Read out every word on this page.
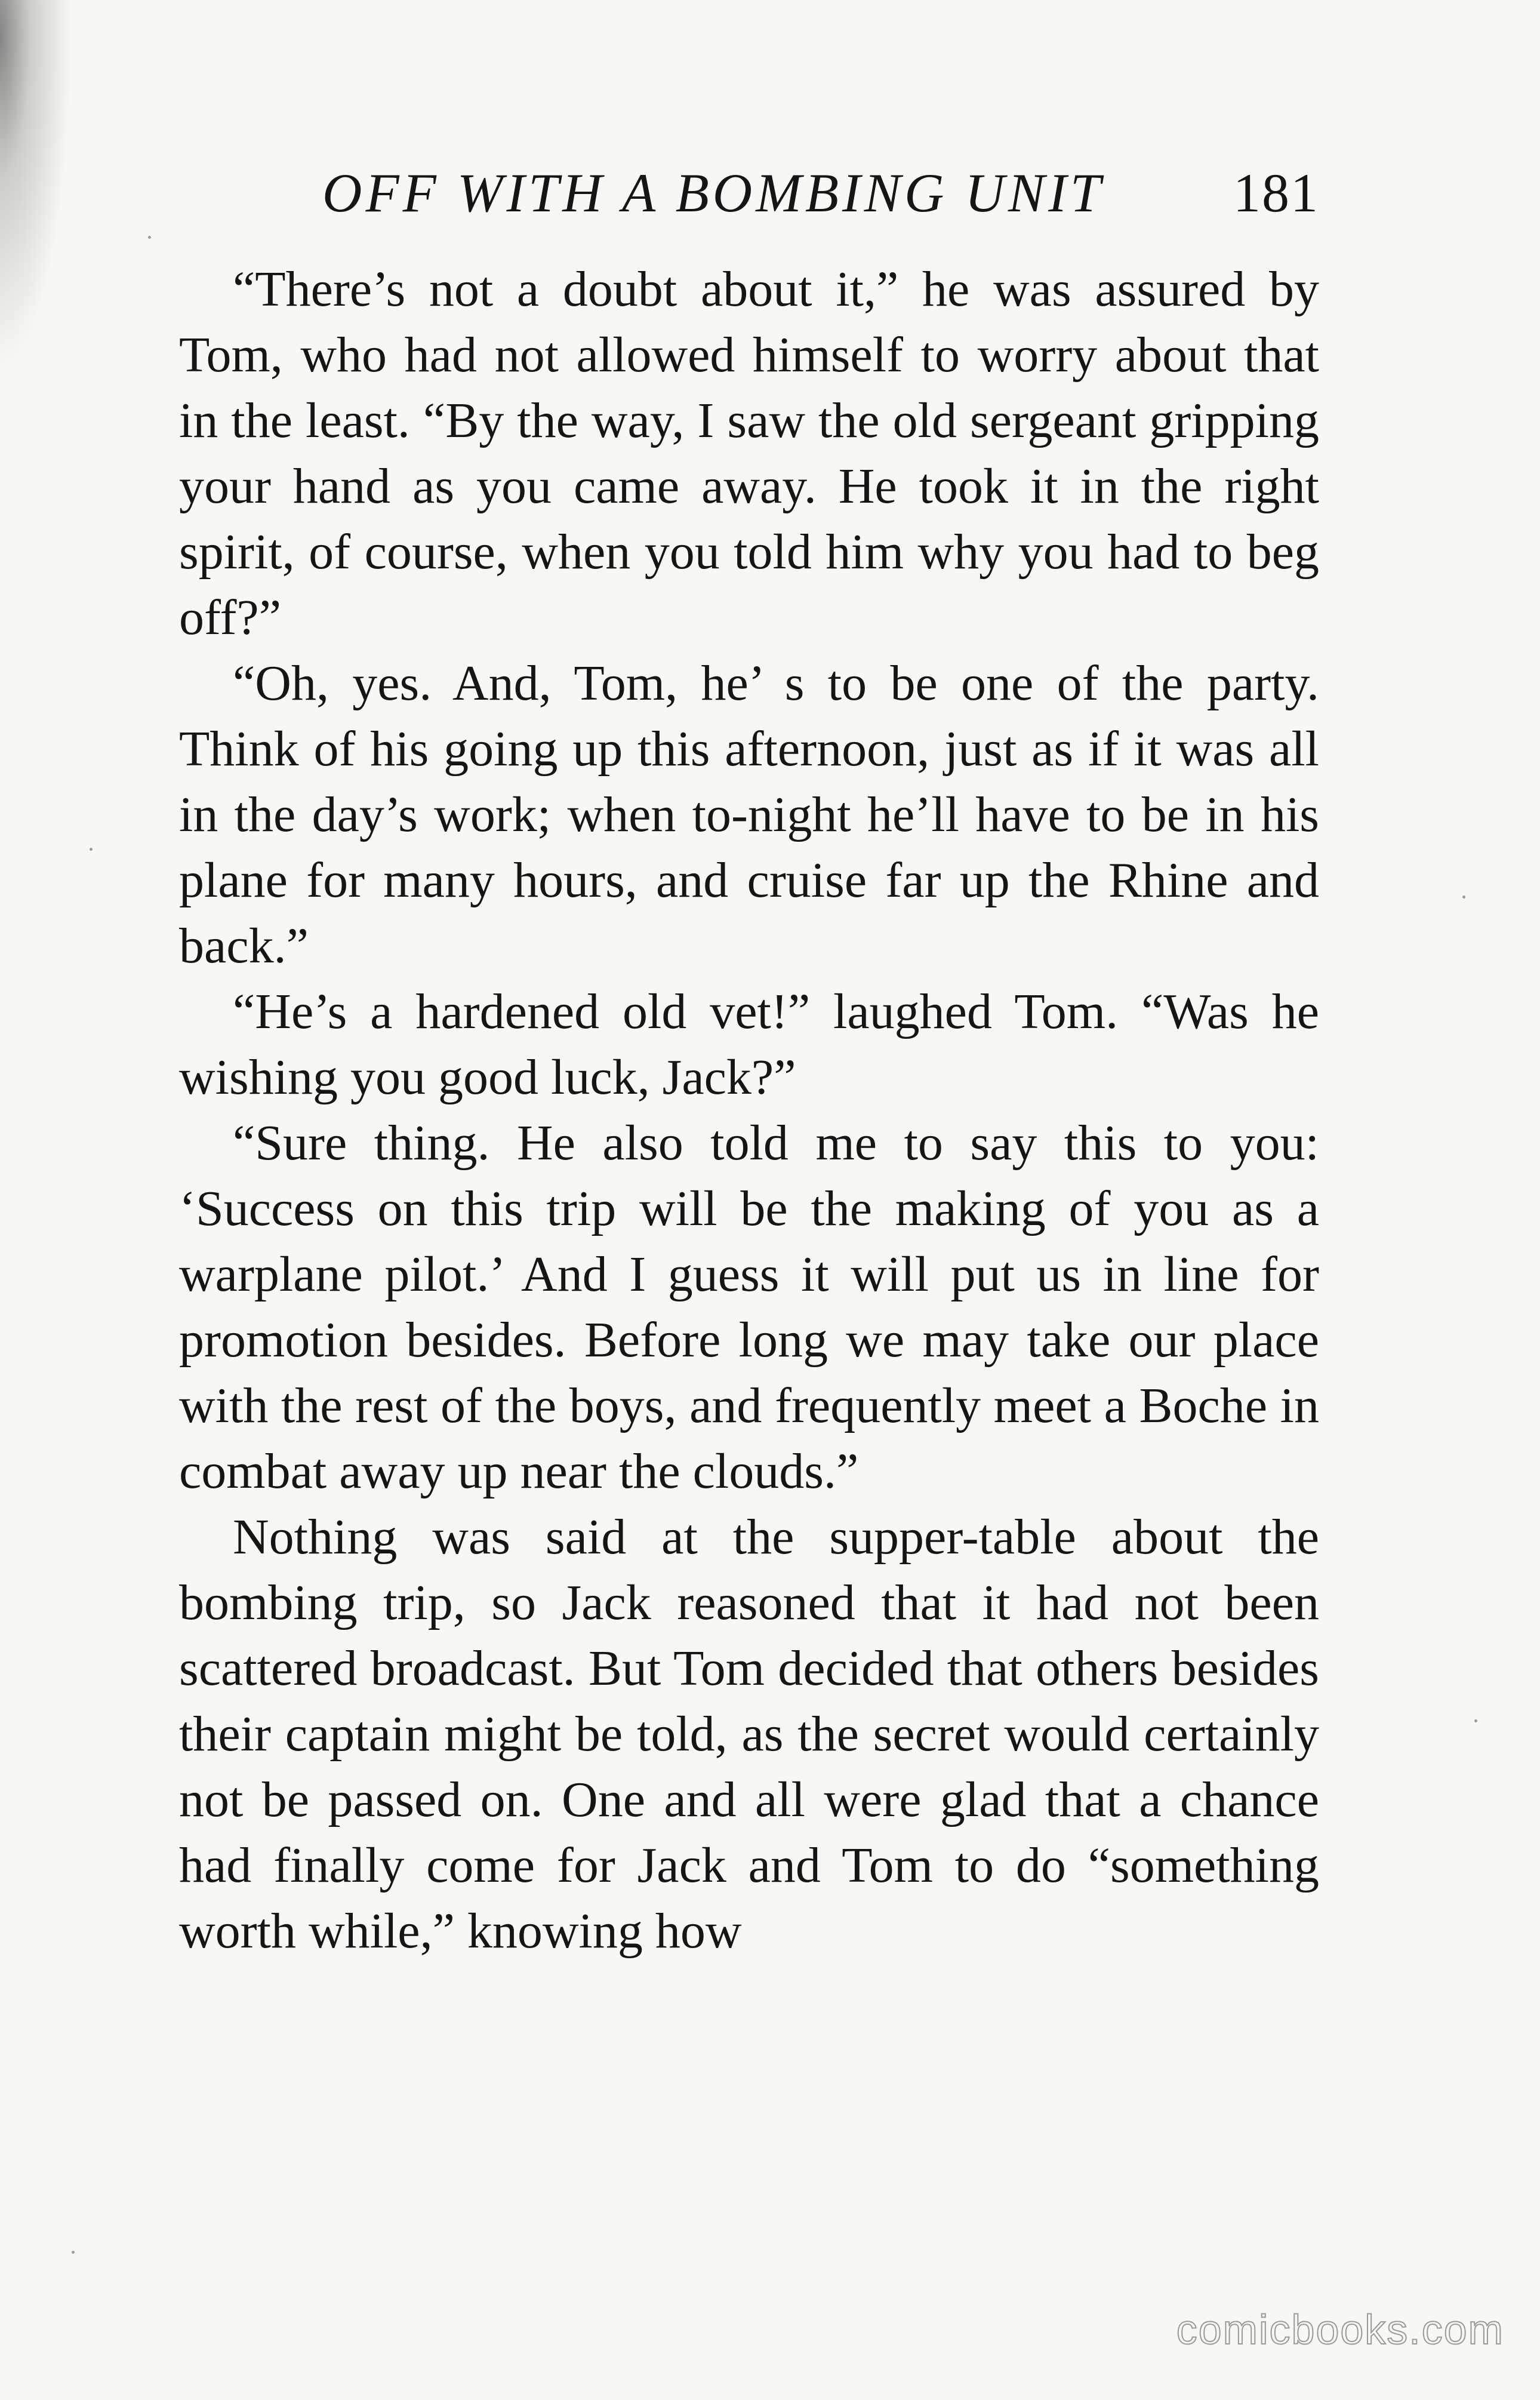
OFF WITH A BOMBING UNIT 181

“There’s not a doubt about it,” he was assured by Tom, who had not allowed himself to worry about that in the least. “By the way, I saw the old sergeant gripping your hand as you came away. He took it in the right spirit, of course, when you told him why you had to beg off?”

“Oh, yes. And, Tom, he’ s to be one of the party. Think of his going up this afternoon, just as if it was all in the day’s work; when to-night he’ll have to be in his plane for many hours, and cruise far up the Rhine and back.”

“He’s a hardened old vet!” laughed Tom. “Was he wishing you good luck, Jack?”

“Sure thing. He also told me to say this to you: ‘Success on this trip will be the making of you as a warplane pilot.’ And I guess it will put us in line for promotion besides. Before long we may take our place with the rest of the boys, and frequently meet a Boche in combat away up near the clouds.”

Nothing was said at the supper-table about the bombing trip, so Jack reasoned that it had not been scattered broadcast. But Tom decided that others besides their captain might be told, as the secret would certainly not be passed on. One and all were glad that a chance had finally come for Jack and Tom to do “something worth while,” knowing how

comicbooks.com
